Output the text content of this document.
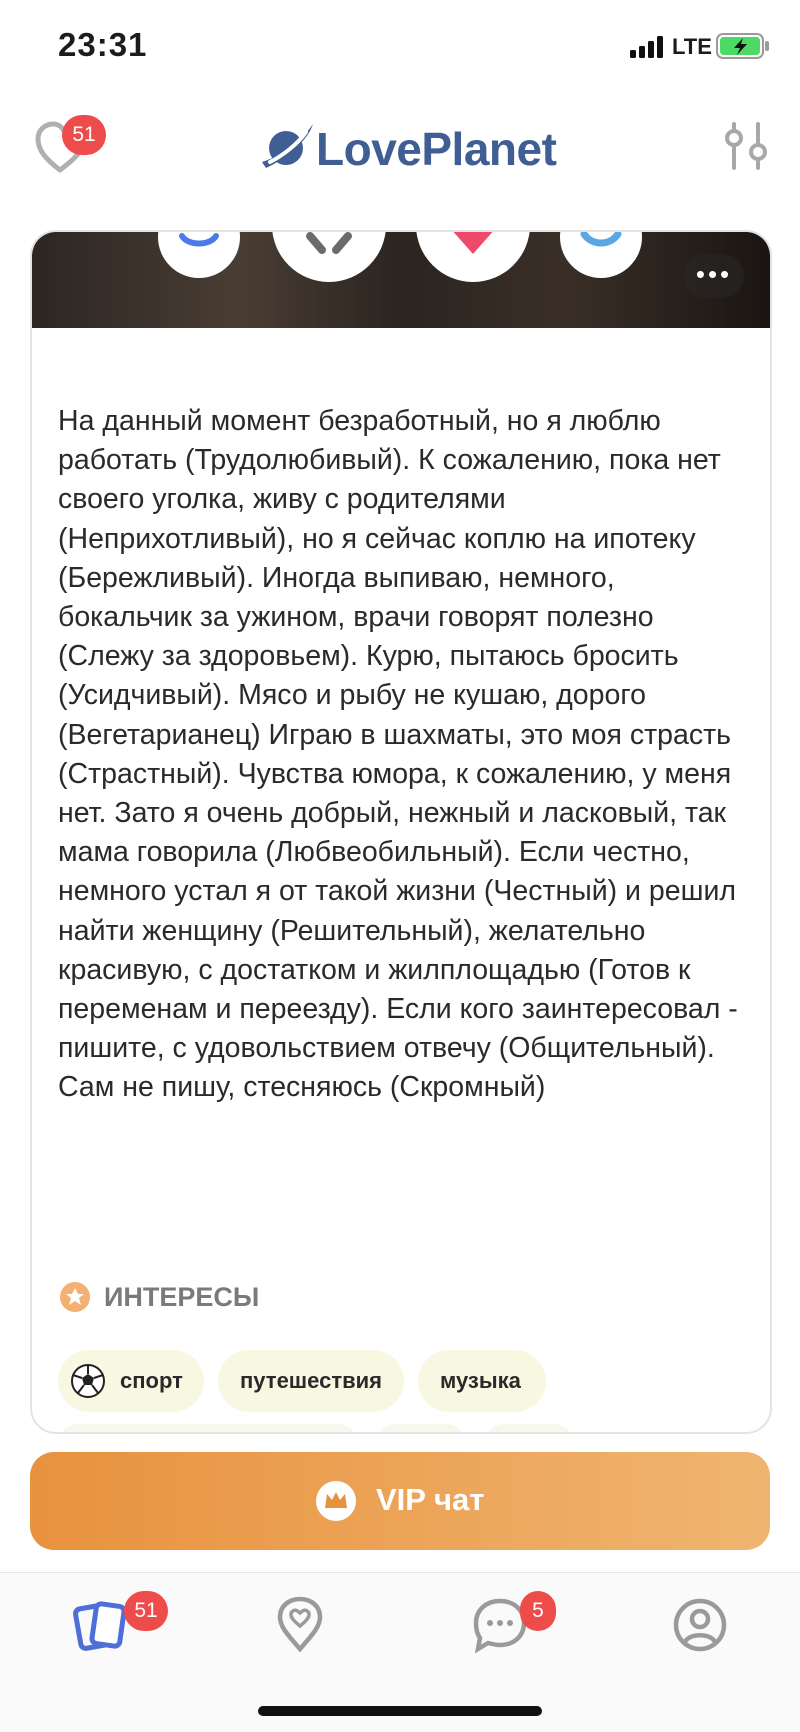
23:31	LTE
51	LovePlanet
•••

На данный момент безработный, но я люблю работать (Трудолюбивый). К сожалению, пока нет своего уголка, живу с родителями (Неприхотливый), но я сейчас коплю на ипотеку (Бережливый). Иногда выпиваю, немного, бокальчик за ужином, врачи говорят полезно (Слежу за здоровьем). Курю, пытаюсь бросить (Усидчивый). Мясо и рыбу не кушаю, дорого (Вегетарианец) Играю в шахматы, это моя страсть (Страстный). Чувства юмора, к сожалению, у меня нет. Зато я очень добрый, нежный и ласковый, так мама говорила (Любвеобильный). Если честно, немного устал я от такой жизни (Честный) и решил найти женщину (Решительный), желательно красивую, с достатком и жилплощадью (Готов к переменам и переезду). Если кого заинтересовал - пишите, с удовольствием отвечу (Общительный). Сам не пишу, стесняюсь (Скромный)

ИНТЕРЕСЫ
спорт	путешествия	музыка
VIP чат
51	5
